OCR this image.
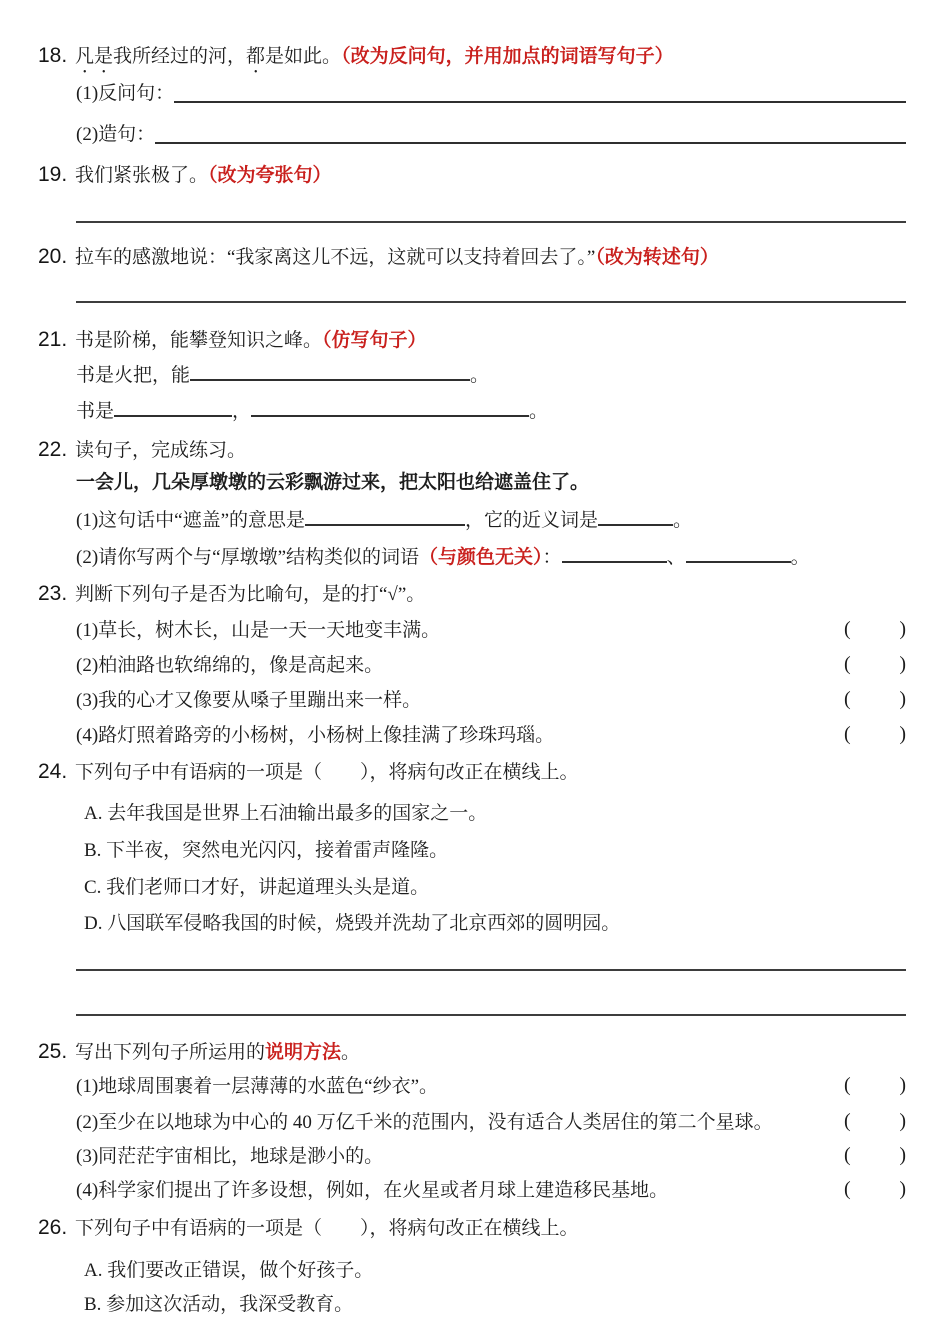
18. 凡是我所经过的河，都是如此。（改为反问句，并用加点的词语写句子）
(1)反问句：
(2)造句：
19. 我们紧张极了。（改为夸张句）
20. 拉车的感激地说：“我家离这儿不远，这就可以支持着回去了。”（改为转述句）
21. 书是阶梯，能攀登知识之峰。（仿写句子）
书是火把，能	。
书是	，	。
22. 读句子，完成练习。
一会儿，几朵厚墩墩的云彩飘游过来，把太阳也给遮盖住了。
(1)这句话中“遮盖”的意思是	，它的近义词是	。
(2)请你写两个与“厚墩墩”结构类似的词语（与颜色无关）：	、	。
23. 判断下列句子是否为比喻句，是的打“√”。
(1)草长，树木长，山是一天一天地变丰满。	( )
(2)柏油路也软绵绵的，像是高起来。	( )
(3)我的心才又像要从嗓子里蹦出来一样。	( )
(4)路灯照着路旁的小杨树，小杨树上像挂满了珍珠玛瑙。	( )
24. 下列句子中有语病的一项是（　　），将病句改正在横线上。
A. 去年我国是世界上石油输出最多的国家之一。
B. 下半夜，突然电光闪闪，接着雷声隆隆。
C. 我们老师口才好，讲起道理头头是道。
D. 八国联军侵略我国的时候，烧毁并洗劫了北京西郊的圆明园。
25. 写出下列句子所运用的说明方法。
(1)地球周围裹着一层薄薄的水蓝色“纱衣”。	( )
(2)至少在以地球为中心的 40 万亿千米的范围内，没有适合人类居住的第二个星球。	( )
(3)同茫茫宇宙相比，地球是渺小的。	( )
(4)科学家们提出了许多设想，例如，在火星或者月球上建造移民基地。	( )
26. 下列句子中有语病的一项是（　　），将病句改正在横线上。
A. 我们要改正错误，做个好孩子。
B. 参加这次活动，我深受教育。
